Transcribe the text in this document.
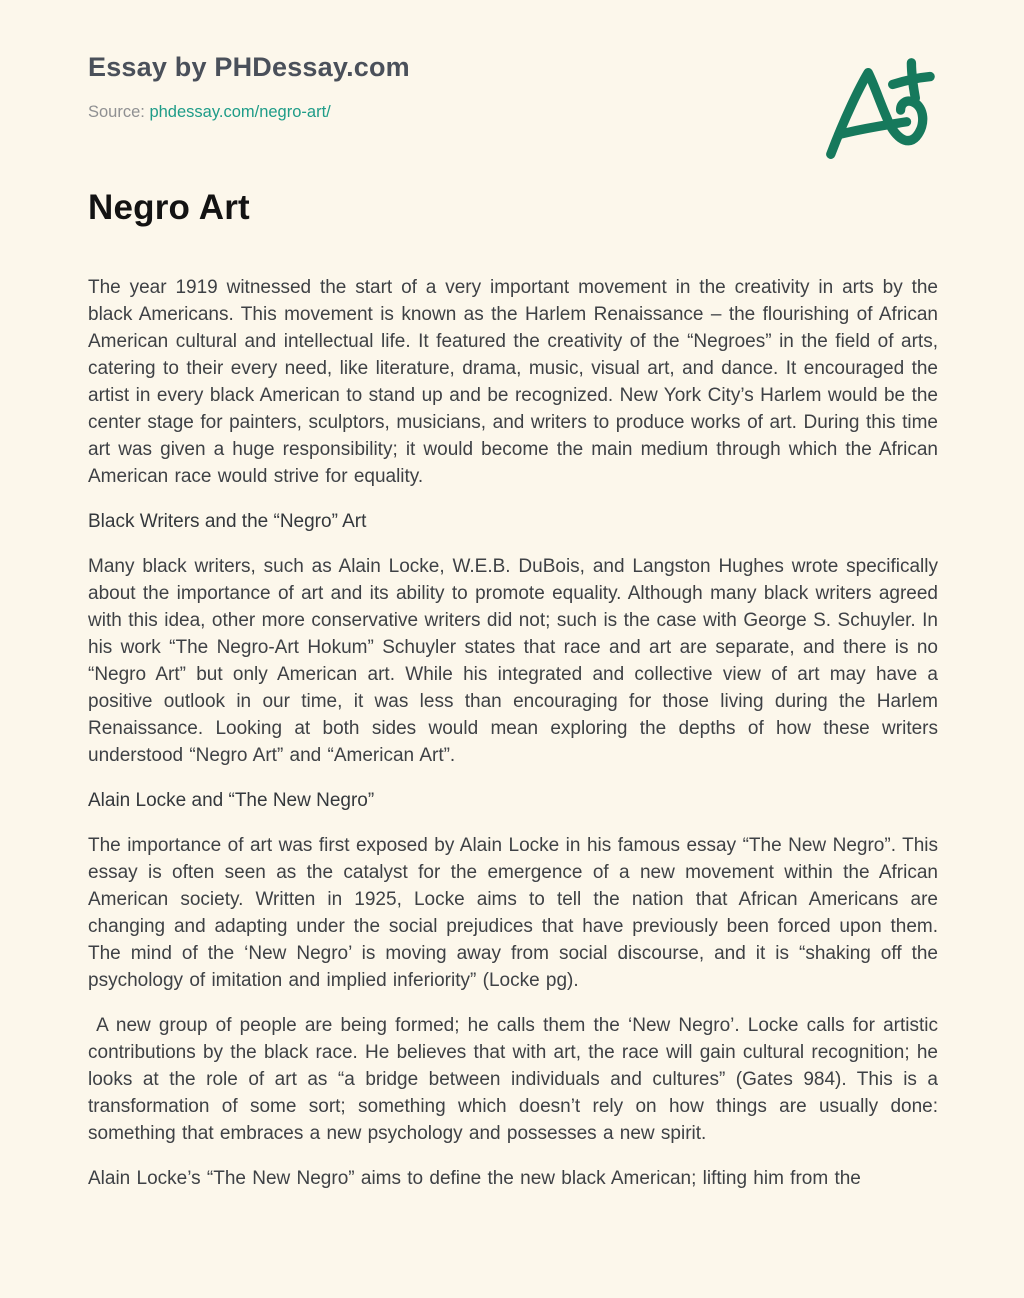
Essay by PHDessay.com

Source: phdessay.com/negro-art/

Negro Art

The year 1919 witnessed the start of a very important movement in the creativity in arts by the black Americans. This movement is known as the Harlem Renaissance – the flourishing of African American cultural and intellectual life. It featured the creativity of the “Negroes” in the field of arts, catering to their every need, like literature, drama, music, visual art, and dance. It encouraged the artist in every black American to stand up and be recognized. New York City’s Harlem would be the center stage for painters, sculptors, musicians, and writers to produce works of art. During this time art was given a huge responsibility; it would become the main medium through which the African American race would strive for equality.

Black Writers and the “Negro” Art

Many black writers, such as Alain Locke, W.E.B. DuBois, and Langston Hughes wrote specifically about the importance of art and its ability to promote equality. Although many black writers agreed with this idea, other more conservative writers did not; such is the case with George S. Schuyler. In his work “The Negro-Art Hokum” Schuyler states that race and art are separate, and there is no “Negro Art” but only American art. While his integrated and collective view of art may have a positive outlook in our time, it was less than encouraging for those living during the Harlem Renaissance. Looking at both sides would mean exploring the depths of how these writers understood “Negro Art” and “American Art”.

Alain Locke and “The New Negro”

The importance of art was first exposed by Alain Locke in his famous essay “The New Negro”. This essay is often seen as the catalyst for the emergence of a new movement within the African American society. Written in 1925, Locke aims to tell the nation that African Americans are changing and adapting under the social prejudices that have previously been forced upon them. The mind of the ‘New Negro’ is moving away from social discourse, and it is “shaking off the psychology of imitation and implied inferiority” (Locke pg).

A new group of people are being formed; he calls them the ‘New Negro’. Locke calls for artistic contributions by the black race. He believes that with art, the race will gain cultural recognition; he looks at the role of art as “a bridge between individuals and cultures” (Gates 984). This is a transformation of some sort; something which doesn’t rely on how things are usually done: something that embraces a new psychology and possesses a new spirit.

Alain Locke’s “The New Negro” aims to define the new black American; lifting him from the
